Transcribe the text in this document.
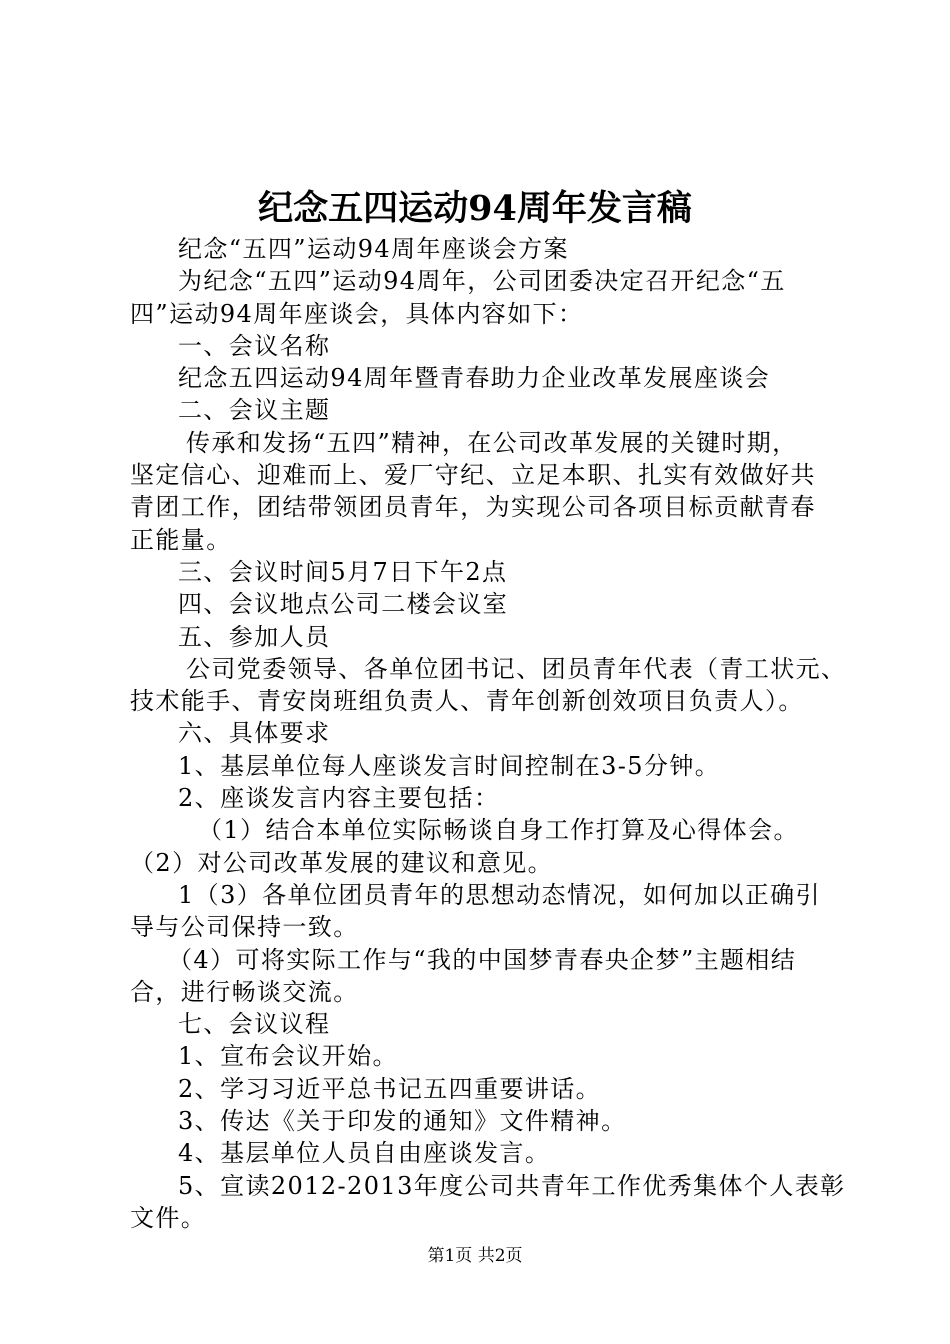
纪念五四运动94周年发言稿

纪念“五四”运动94周年座谈会方案

为纪念“五四”运动94周年，公司团委决定召开纪念“五

四”运动94周年座谈会，具体内容如下：

一、会议名称

纪念五四运动94周年暨青春助力企业改革发展座谈会

二、会议主题

传承和发扬“五四”精神，在公司改革发展的关键时期，

坚定信心、迎难而上、爱厂守纪、立足本职、扎实有效做好共

青团工作，团结带领团员青年，为实现公司各项目标贡献青春

正能量。

三、会议时间5月7日下午2点

四、会议地点公司二楼会议室

五、参加人员

公司党委领导、各单位团书记、团员青年代表（青工状元、

技术能手、青安岗班组负责人、青年创新创效项目负责人）。

六、具体要求

1、基层单位每人座谈发言时间控制在3-5分钟。

2、座谈发言内容主要包括：

（1）结合本单位实际畅谈自身工作打算及心得体会。

（2）对公司改革发展的建议和意见。

1（3）各单位团员青年的思想动态情况，如何加以正确引

导与公司保持一致。

（4）可将实际工作与“我的中国梦青春央企梦”主题相结

合，进行畅谈交流。

七、会议议程

1、宣布会议开始。

2、学习习近平总书记五四重要讲话。

3、传达《关于印发的通知》文件精神。

4、基层单位人员自由座谈发言。

5、宣读2012-2013年度公司共青年工作优秀集体个人表彰

文件。

第1页 共2页
